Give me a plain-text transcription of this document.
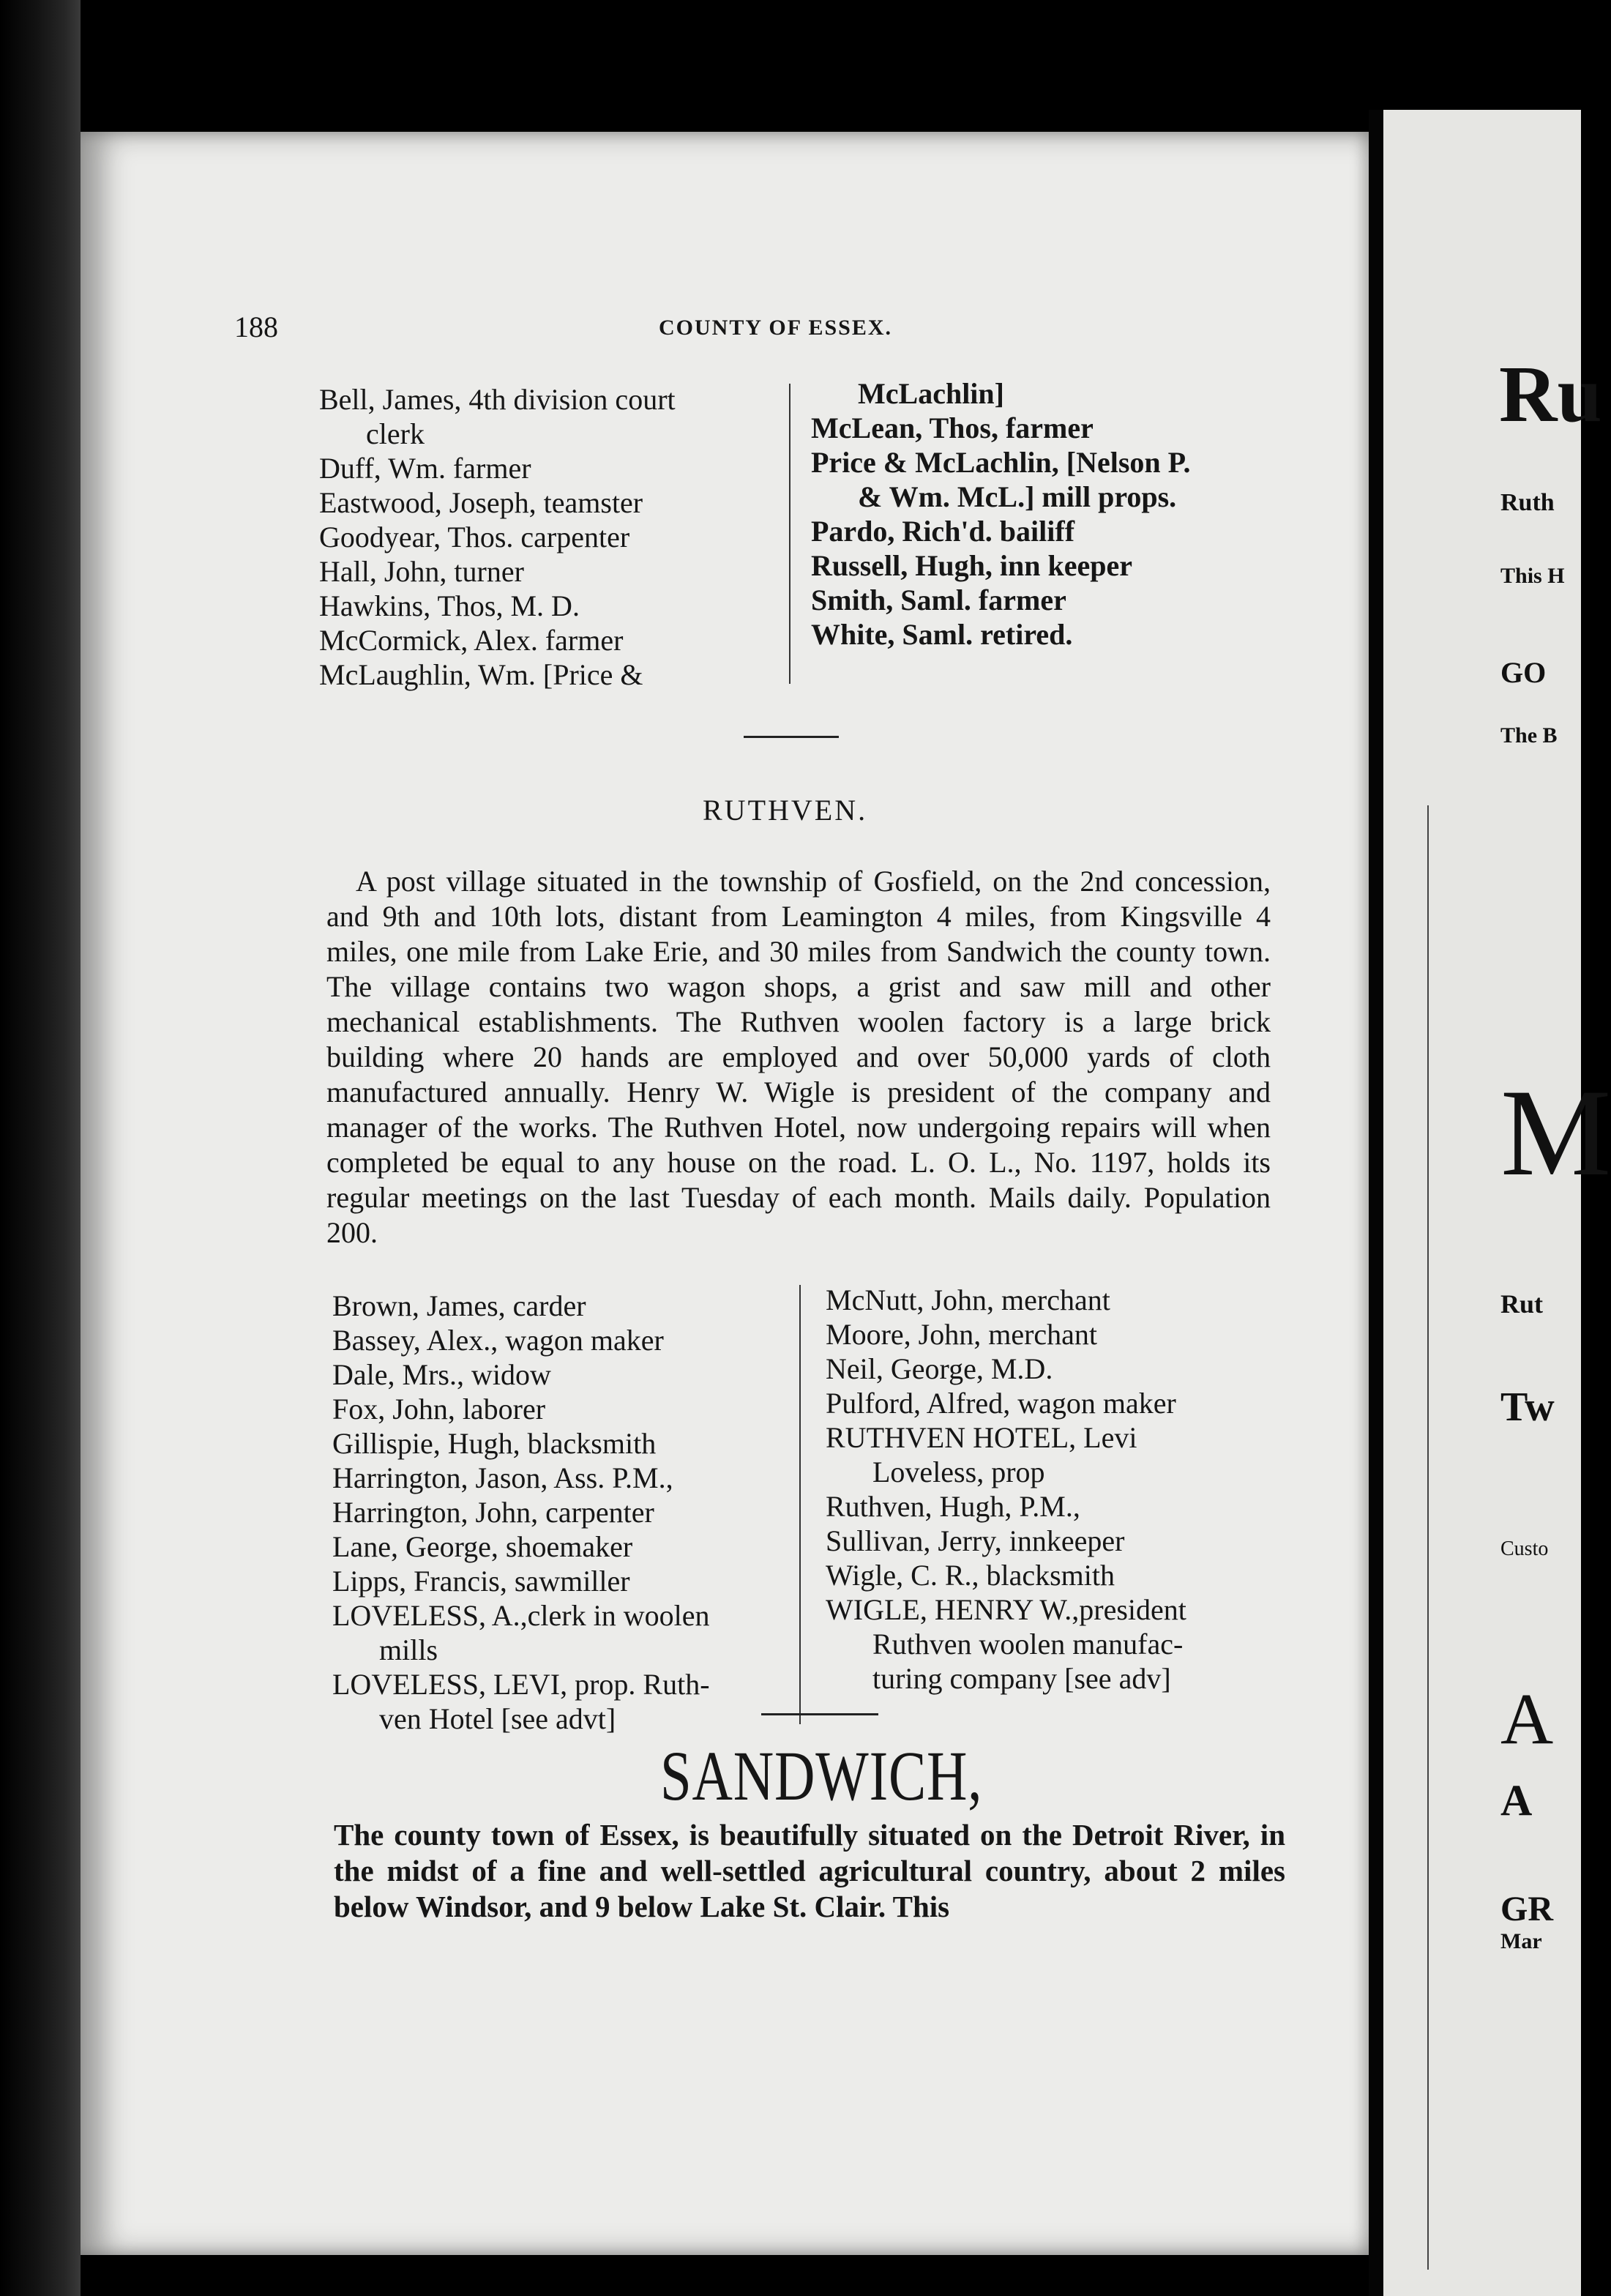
Ru
Ruth
This H
GO
The B
M
Rut
Tw
Custo
A
A
GR
Mar
188	COUNTY OF ESSEX.
Bell, James, 4th division court
clerk
Duff, Wm. farmer
Eastwood, Joseph, teamster
Goodyear, Thos. carpenter
Hall, John, turner
Hawkins, Thos, M. D.
McCormick, Alex. farmer
McLaughlin, Wm. [Price &
McLachlin]
McLean, Thos, farmer
Price & McLachlin, [Nelson P.
& Wm. McL.] mill props.
Pardo, Rich'd. bailiff
Russell, Hugh, inn keeper
Smith, Saml. farmer
White, Saml. retired.
RUTHVEN.
A post village situated in the township of Gosfield, on the 2nd concession, and 9th and 10th lots, distant from Leamington 4 miles, from Kingsville 4 miles, one mile from Lake Erie, and 30 miles from Sandwich the county town. The village contains two wagon shops, a grist and saw mill and other mechanical establishments. The Ruthven woolen factory is a large brick building where 20 hands are employed and over 50,000 yards of cloth manufactured annually. Henry W. Wigle is president of the company and manager of the works. The Ruthven Hotel, now undergoing repairs will when completed be equal to any house on the road. L. O. L., No. 1197, holds its regular meetings on the last Tuesday of each month. Mails daily. Population 200.
Brown, James, carder
Bassey, Alex., wagon maker
Dale, Mrs., widow
Fox, John, laborer
Gillispie, Hugh, blacksmith
Harrington, Jason, Ass. P.M.,
Harrington, John, carpenter
Lane, George, shoemaker
Lipps, Francis, sawmiller
LOVELESS, A.,clerk in woolen
mills
LOVELESS, LEVI, prop. Ruth-
ven Hotel [see advt]
McNutt, John, merchant
Moore, John, merchant
Neil, George, M.D.
Pulford, Alfred, wagon maker
RUTHVEN HOTEL, Levi
Loveless, prop
Ruthven, Hugh, P.M.,
Sullivan, Jerry, innkeeper
Wigle, C. R., blacksmith
WIGLE, HENRY W.,president
Ruthven woolen manufac-
turing company [see adv]
SANDWICH,
The county town of Essex, is beautifully situated on the Detroit River, in the midst of a fine and well-settled agricultural country, about 2 miles below Windsor, and 9 below Lake St. Clair. This
